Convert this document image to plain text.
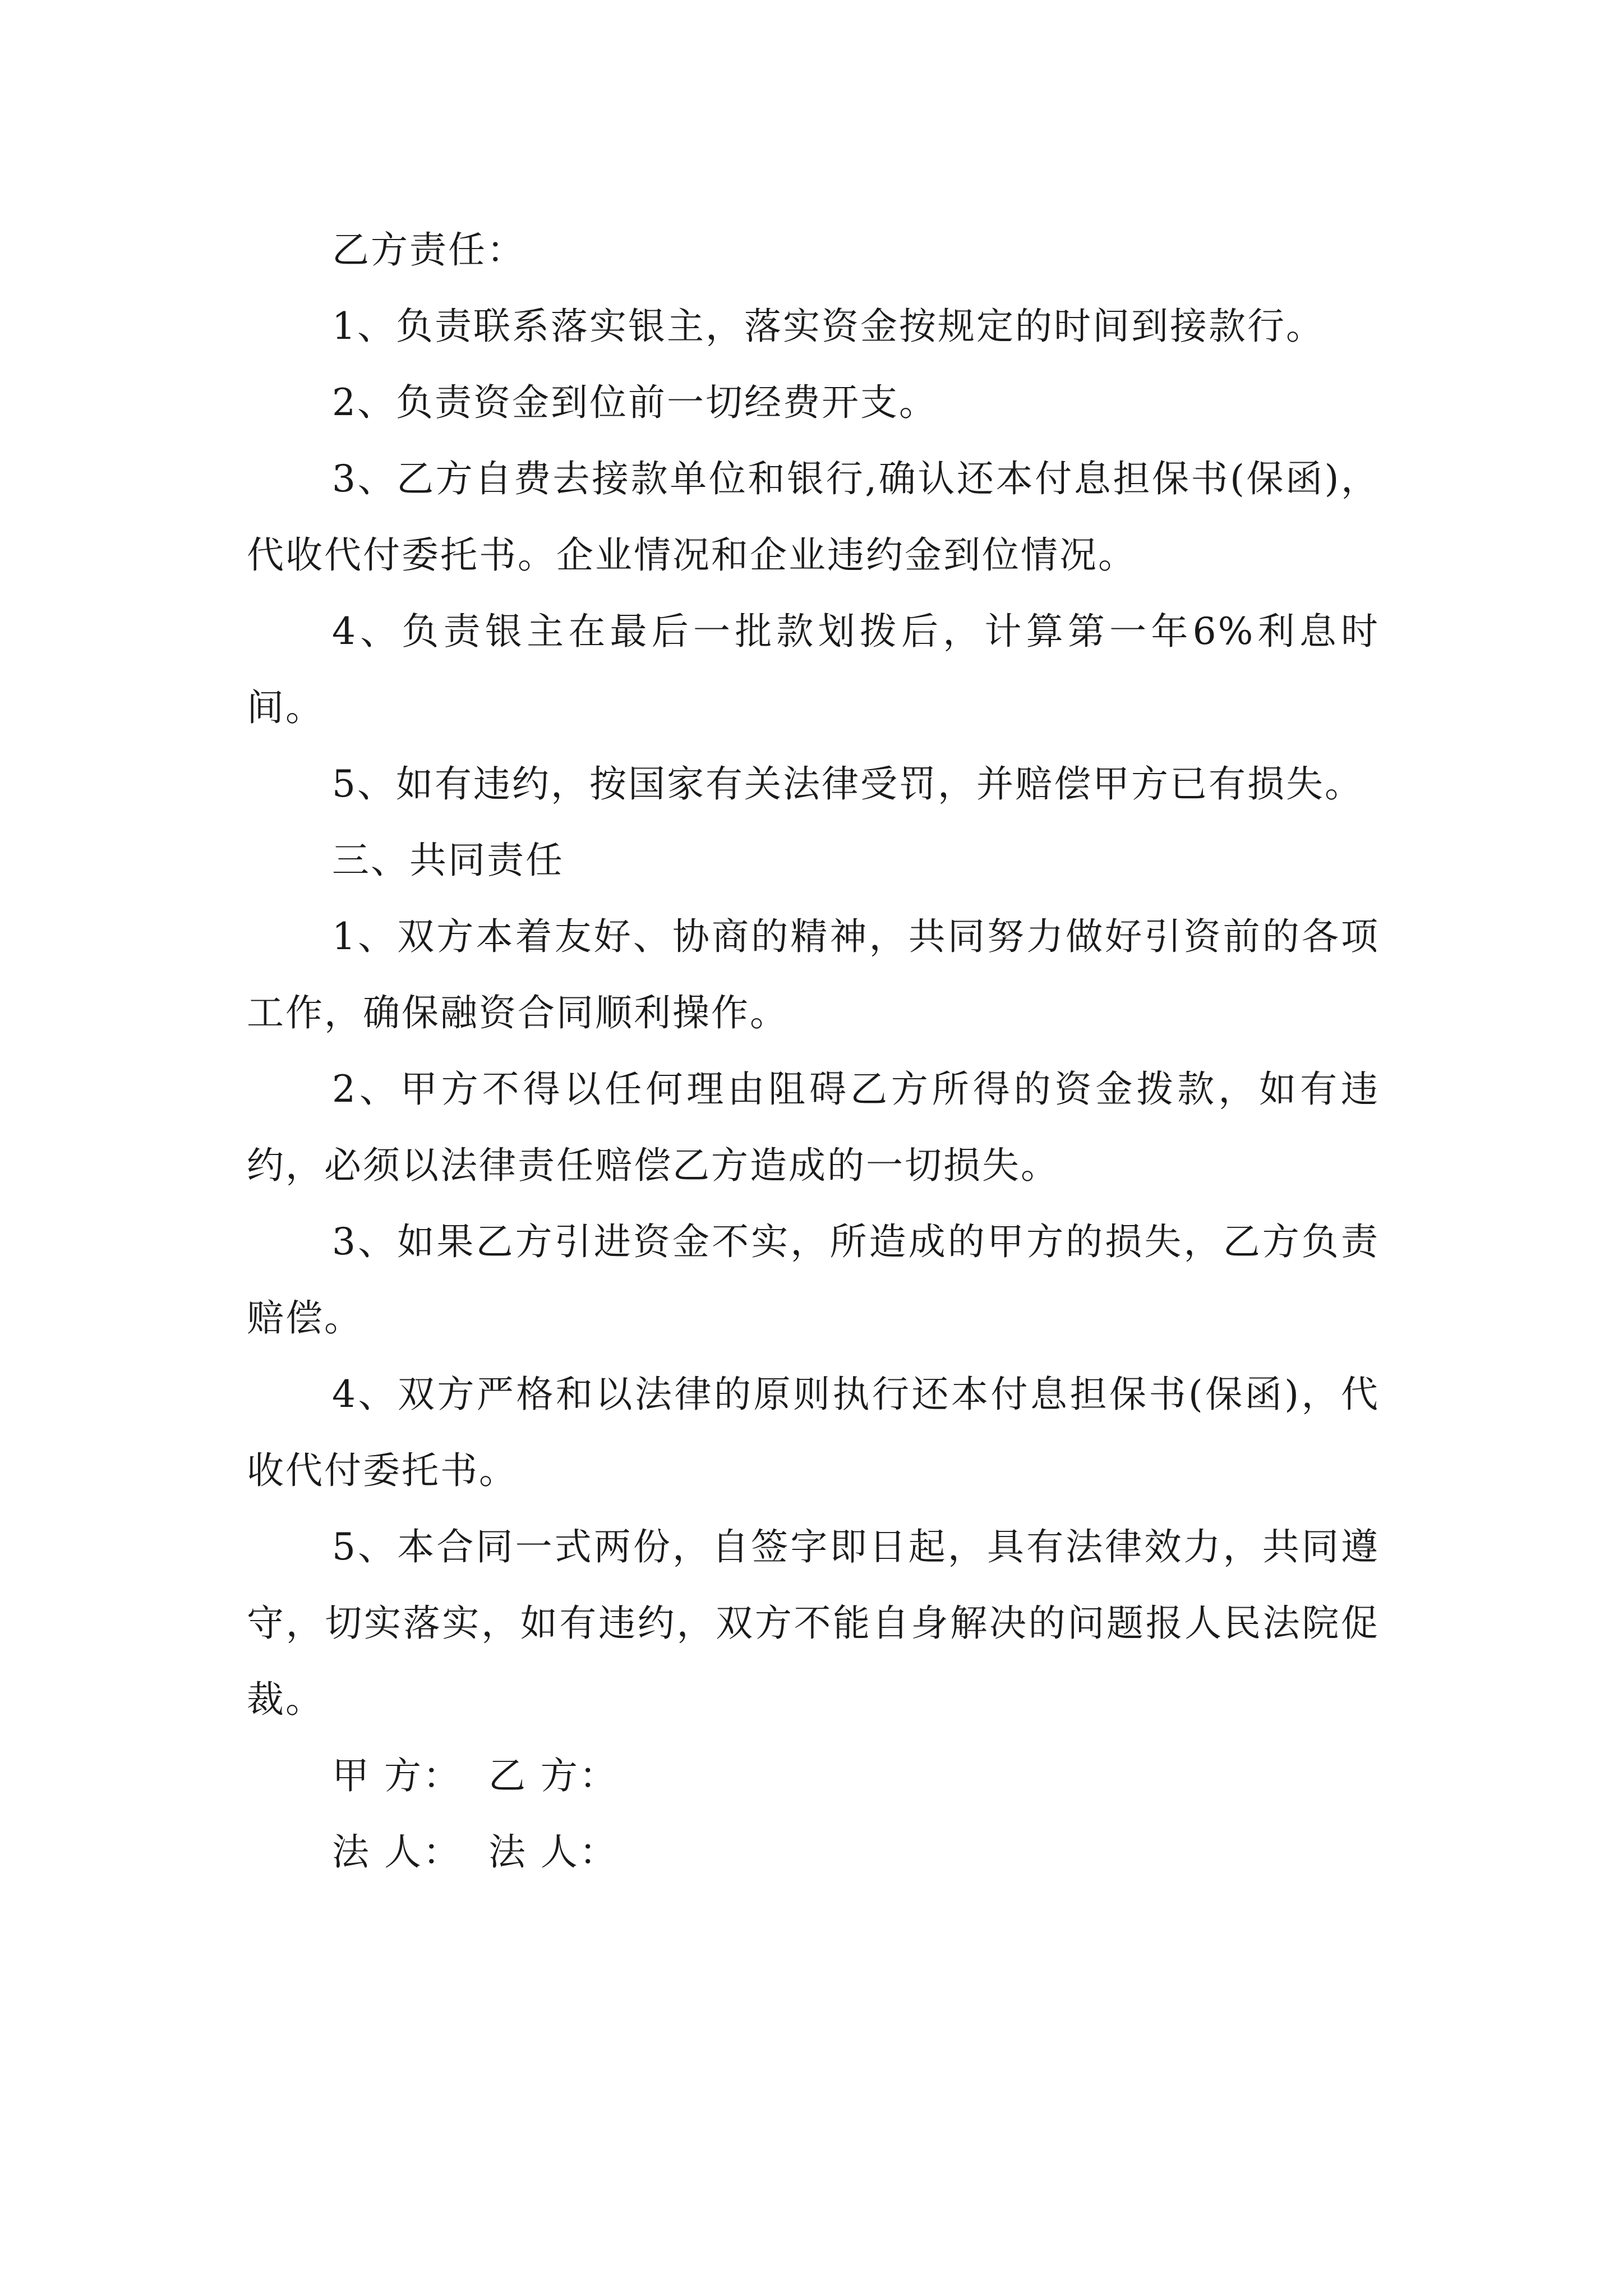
乙方责任：

1、负责联系落实银主，落实资金按规定的时间到接款行。

2、负责资金到位前一切经费开支。

3、乙方自费去接款单位和银行,确认还本付息担保书(保函)，代收代付委托书。企业情况和企业违约金到位情况。

4、负责银主在最后一批款划拨后，计算第一年6%利息时间。

5、如有违约，按国家有关法律受罚，并赔偿甲方已有损失。

三、共同责任

1、双方本着友好、协商的精神，共同努力做好引资前的各项工作，确保融资合同顺利操作。

2、甲方不得以任何理由阻碍乙方所得的资金拨款，如有违约，必须以法律责任赔偿乙方造成的一切损失。

3、如果乙方引进资金不实，所造成的甲方的损失，乙方负责赔偿。

4、双方严格和以法律的原则执行还本付息担保书(保函)，代收代付委托书。

5、本合同一式两份，自签字即日起，具有法律效力，共同遵守，切实落实，如有违约，双方不能自身解决的问题报人民法院促裁。

甲 方：  乙 方：

法 人：  法 人：
